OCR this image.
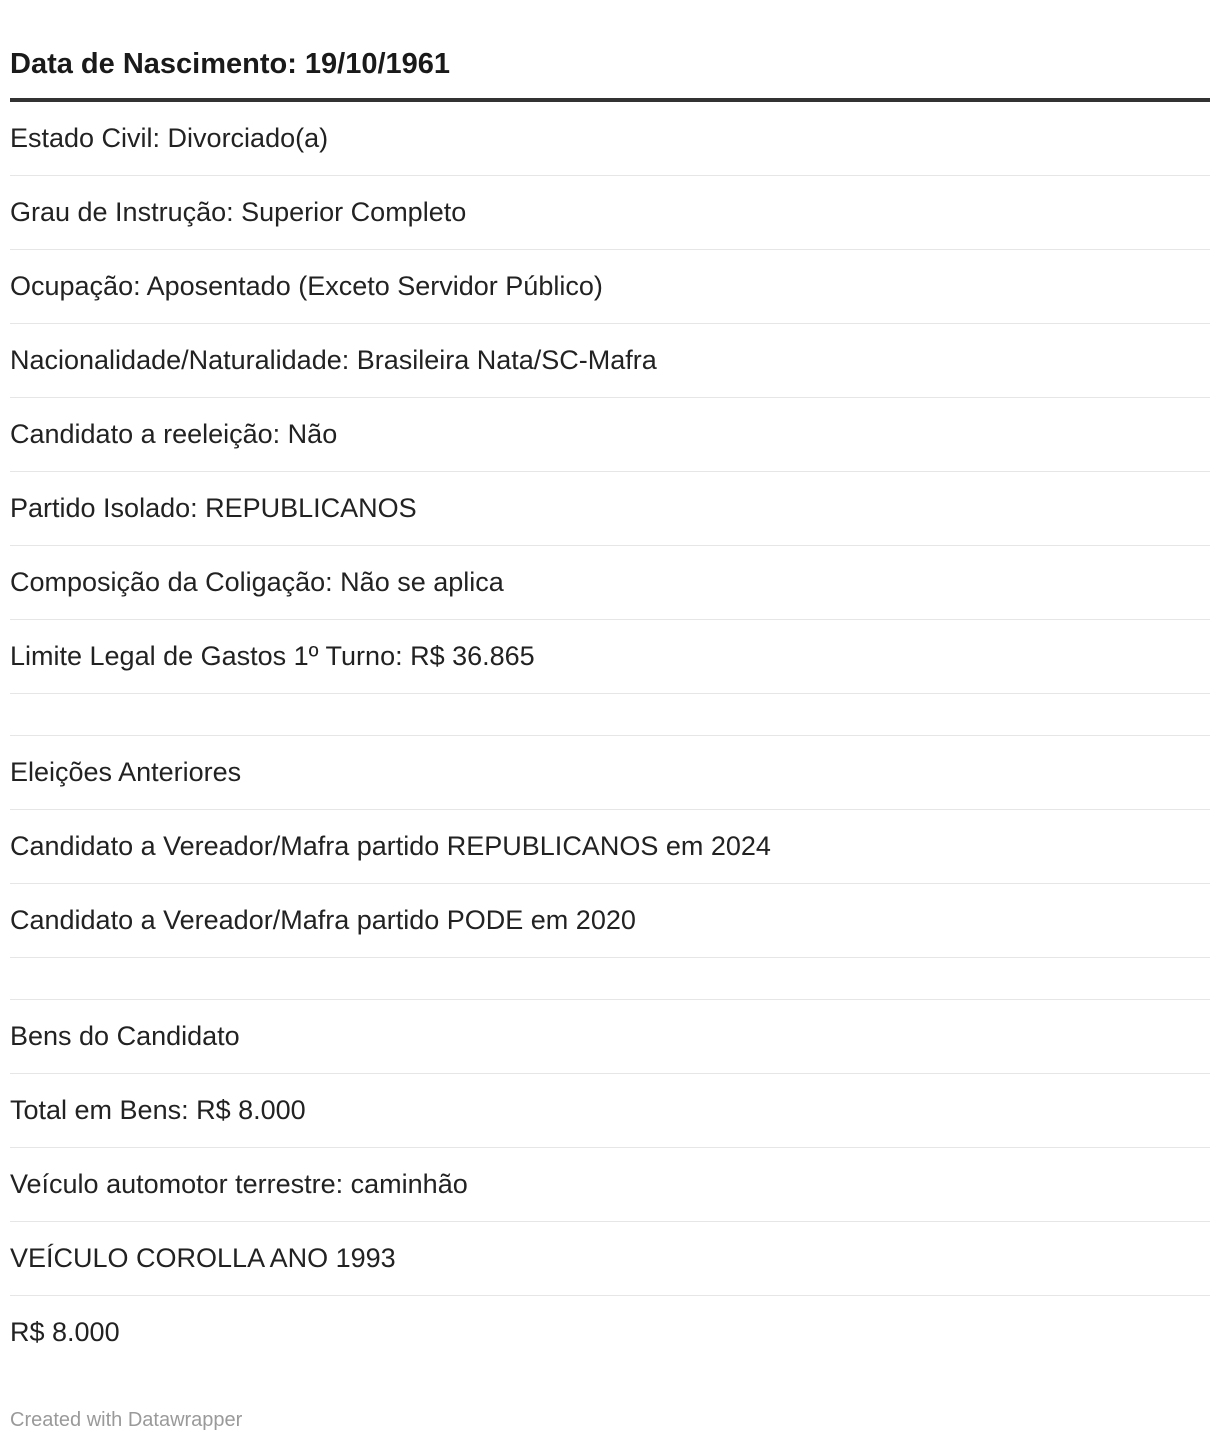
Data de Nascimento: 19/10/1961
Estado Civil: Divorciado(a)
Grau de Instrução: Superior Completo
Ocupação: Aposentado (Exceto Servidor Público)
Nacionalidade/Naturalidade: Brasileira Nata/SC-Mafra
Candidato a reeleição: Não
Partido Isolado: REPUBLICANOS
Composição da Coligação: Não se aplica
Limite Legal de Gastos 1º Turno: R$ 36.865
Eleições Anteriores
Candidato a Vereador/Mafra partido REPUBLICANOS em 2024
Candidato a Vereador/Mafra partido PODE em 2020
Bens do Candidato
Total em Bens: R$ 8.000
Veículo automotor terrestre: caminhão
VEÍCULO COROLLA ANO 1993
R$ 8.000
Created with Datawrapper
